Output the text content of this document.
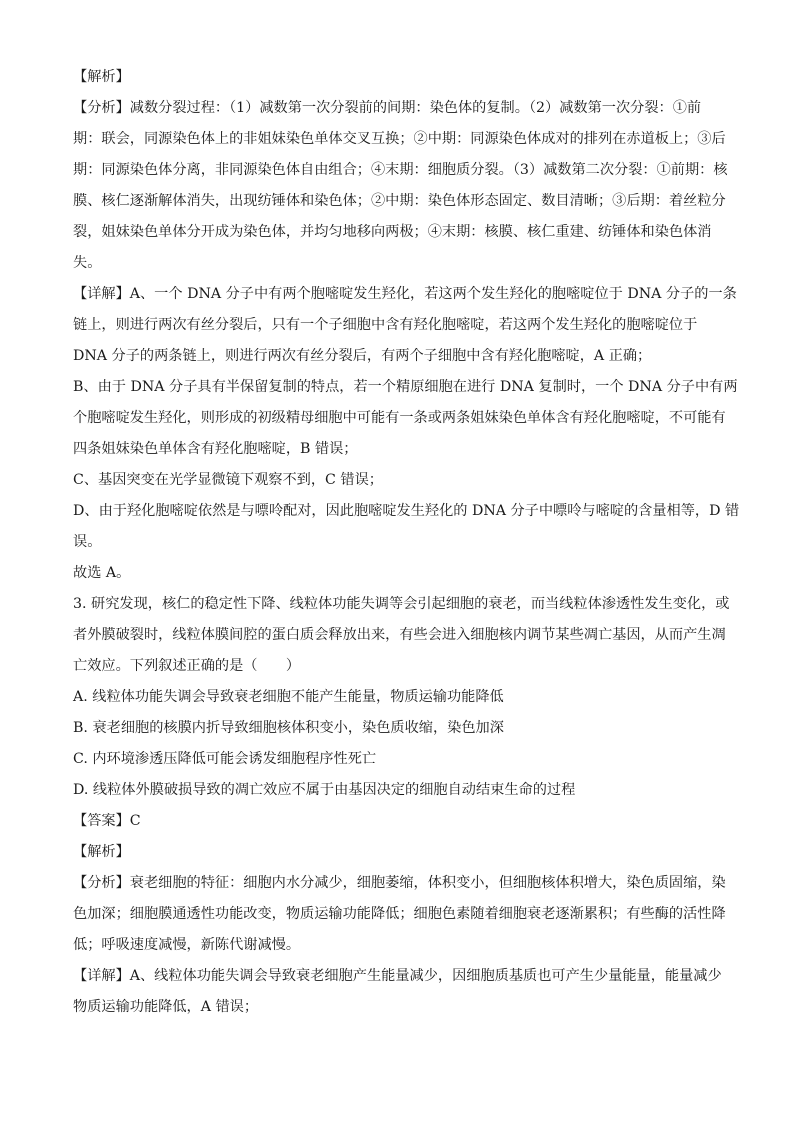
【解析】
【分析】减数分裂过程：（1）减数第一次分裂前的间期：染色体的复制。（2）减数第一次分裂：①前
期：联会，同源染色体上的非姐妹染色单体交叉互换；②中期：同源染色体成对的排列在赤道板上；③后
期：同源染色体分离，非同源染色体自由组合；④末期：细胞质分裂。（3）减数第二次分裂：①前期：核
膜、核仁逐渐解体消失，出现纺锤体和染色体；②中期：染色体形态固定、数目清晰；③后期：着丝粒分
裂，姐妹染色单体分开成为染色体，并均匀地移向两极；④末期：核膜、核仁重建、纺锤体和染色体消
失。
【详解】A、一个 DNA 分子中有两个胞嘧啶发生羟化，若这两个发生羟化的胞嘧啶位于 DNA 分子的一条
链上，则进行两次有丝分裂后，只有一个子细胞中含有羟化胞嘧啶，若这两个发生羟化的胞嘧啶位于
DNA 分子的两条链上，则进行两次有丝分裂后，有两个子细胞中含有羟化胞嘧啶，A 正确；
B、由于 DNA 分子具有半保留复制的特点，若一个精原细胞在进行 DNA 复制时，一个 DNA 分子中有两
个胞嘧啶发生羟化，则形成的初级精母细胞中可能有一条或两条姐妹染色单体含有羟化胞嘧啶，不可能有
四条姐妹染色单体含有羟化胞嘧啶，B 错误；
C、基因突变在光学显微镜下观察不到，C 错误；
D、由于羟化胞嘧啶依然是与嘌呤配对，因此胞嘧啶发生羟化的 DNA 分子中嘌呤与嘧啶的含量相等，D 错
误。
故选 A。
3. 研究发现，核仁的稳定性下降、线粒体功能失调等会引起细胞的衰老，而当线粒体渗透性发生变化，或
者外膜破裂时，线粒体膜间腔的蛋白质会释放出来，有些会进入细胞核内调节某些凋亡基因，从而产生凋
亡效应。下列叙述正确的是（　　）
A. 线粒体功能失调会导致衰老细胞不能产生能量，物质运输功能降低
B. 衰老细胞的核膜内折导致细胞核体积变小，染色质收缩，染色加深
C. 内环境渗透压降低可能会诱发细胞程序性死亡
D. 线粒体外膜破损导致的凋亡效应不属于由基因决定的细胞自动结束生命的过程
【答案】C
【解析】
【分析】衰老细胞的特征：细胞内水分减少，细胞萎缩，体积变小，但细胞核体积增大，染色质固缩，染
色加深；细胞膜通透性功能改变，物质运输功能降低；细胞色素随着细胞衰老逐渐累积；有些酶的活性降
低；呼吸速度减慢，新陈代谢减慢。
【详解】A、线粒体功能失调会导致衰老细胞产生能量减少，因细胞质基质也可产生少量能量，能量减少
物质运输功能降低，A 错误；
